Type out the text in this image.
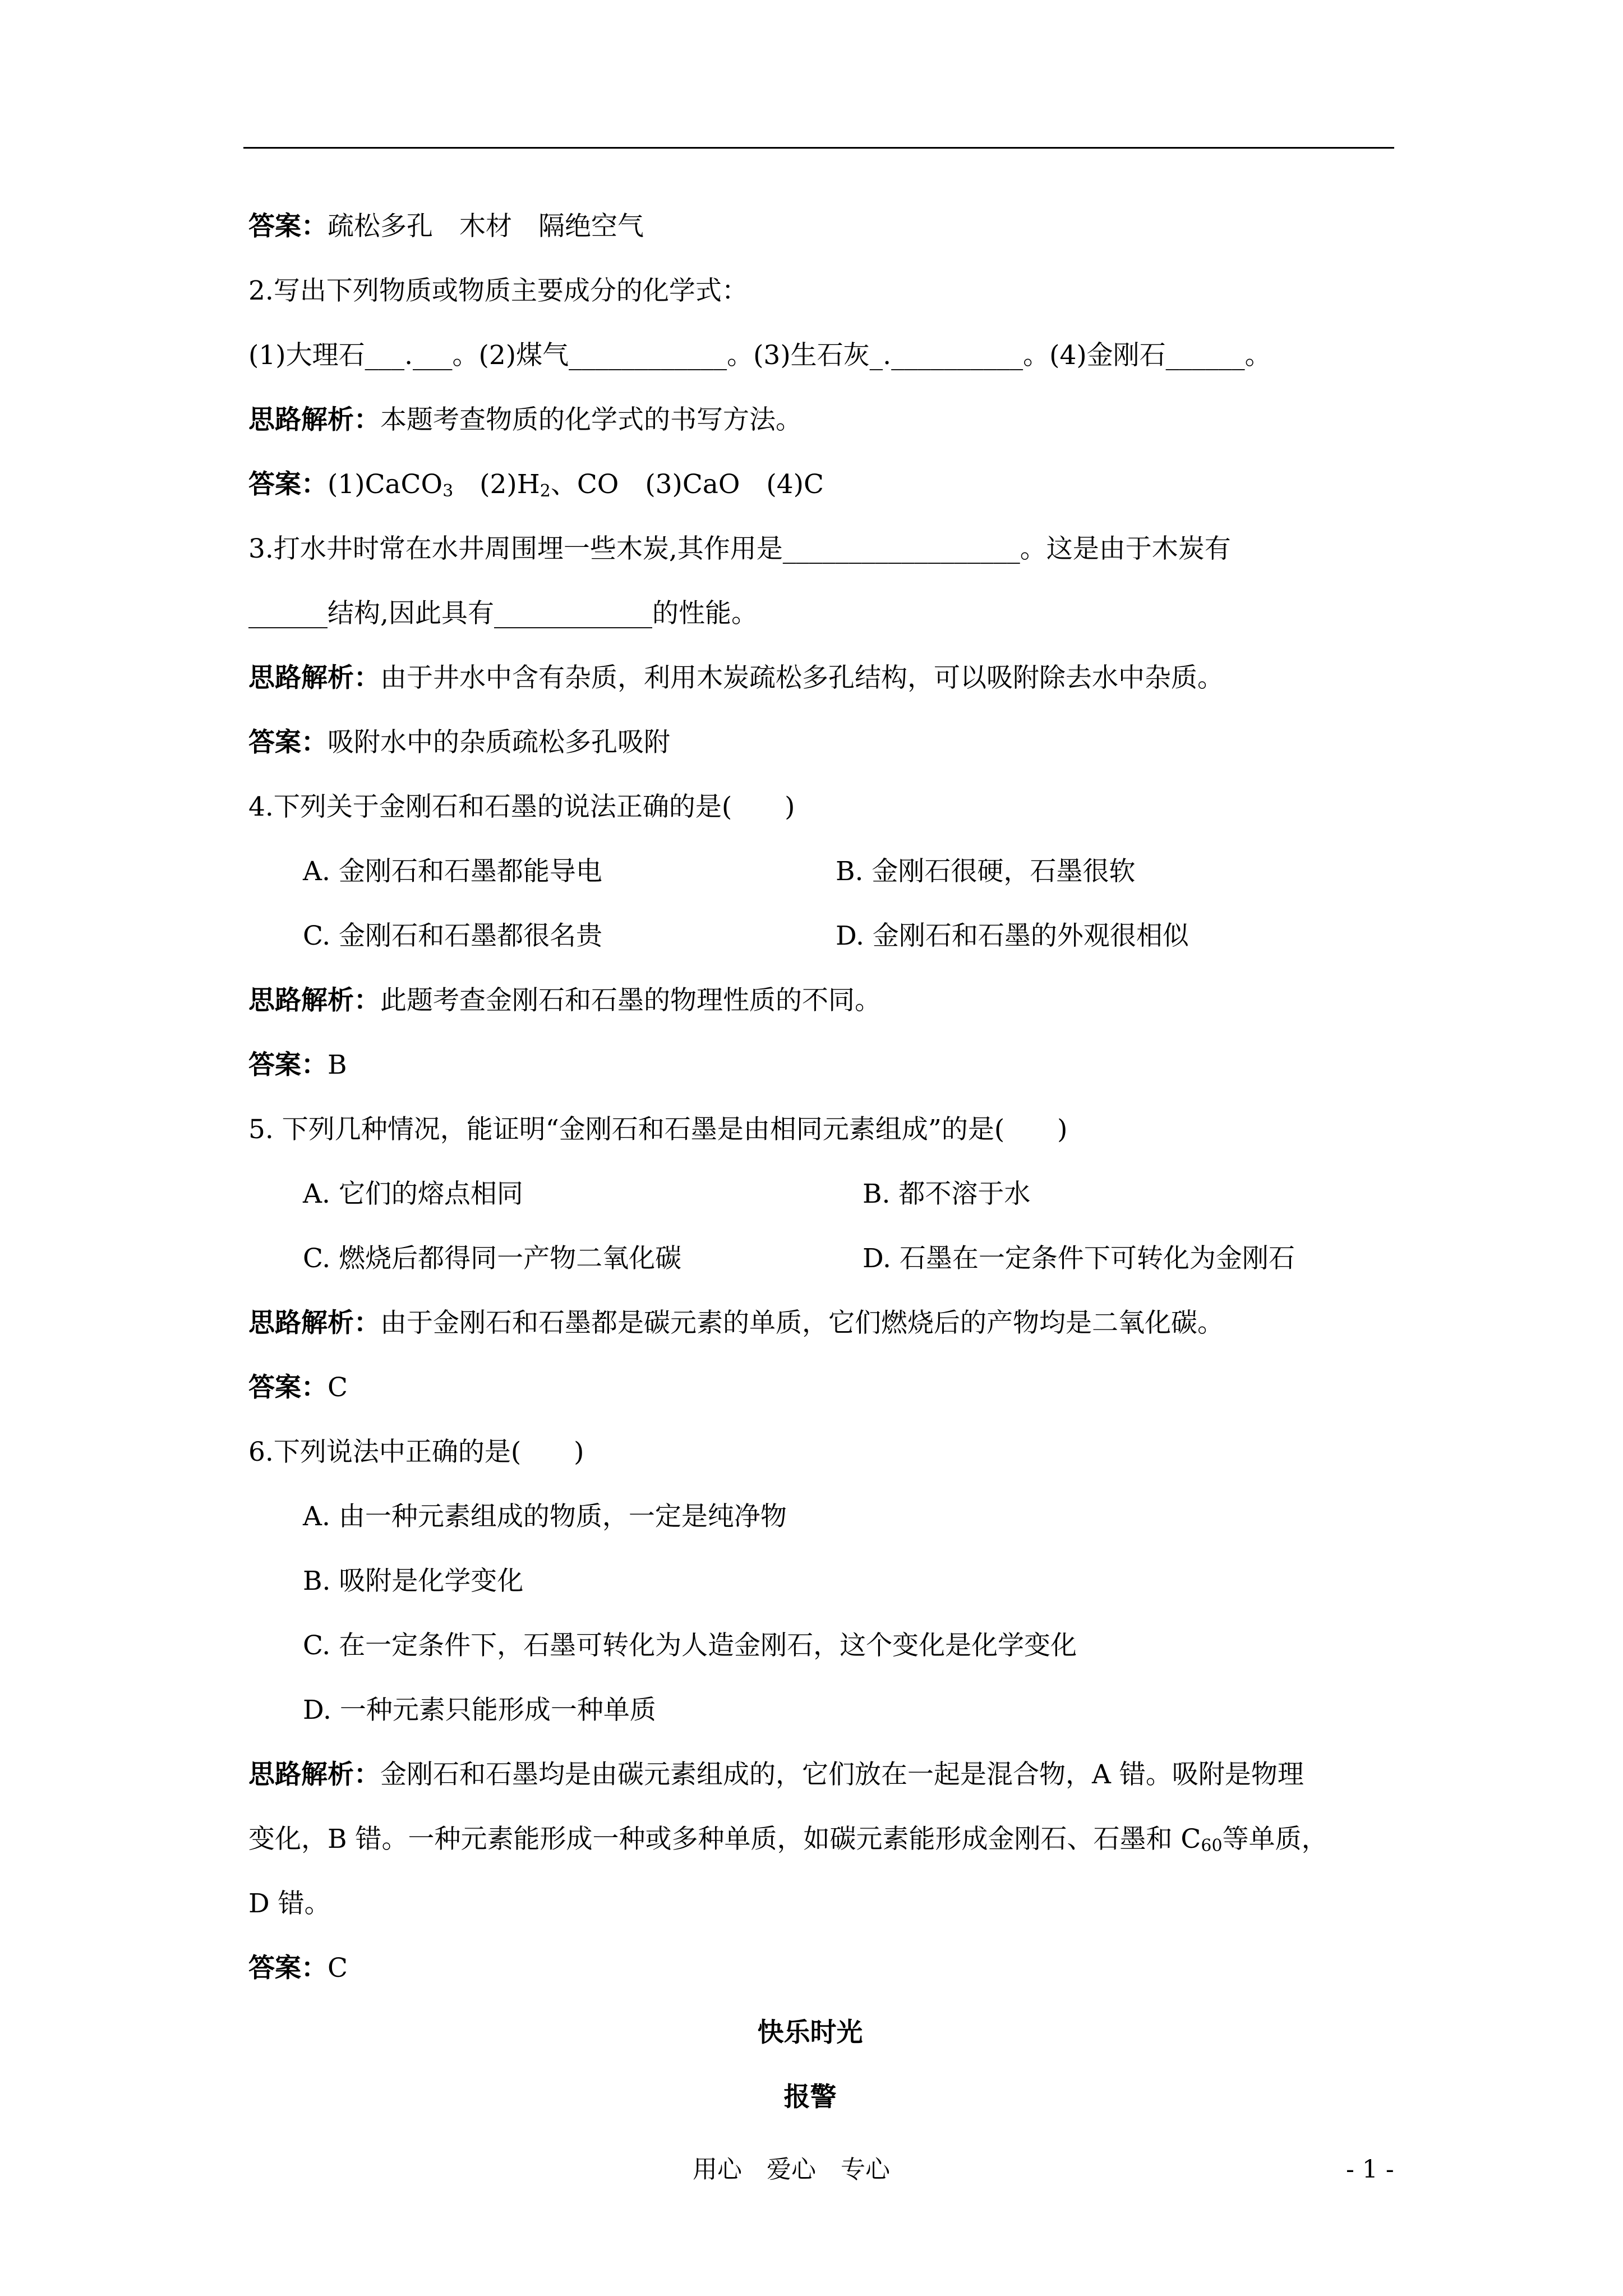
答案：疏松多孔　木材　隔绝空气
2.写出下列物质或物质主要成分的化学式：
(1)大理石___.___。(2)煤气____________。(3)生石灰_.__________。(4)金刚石______。
思路解析：本题考查物质的化学式的书写方法。
答案：(1)CaCO$_3$　$(2)H_2$、CO　(3)CaO　(4)C
3.打水井时常在水井周围埋一些木炭,其作用是__________________。这是由于木炭有
______结构,因此具有____________的性能。
思路解析：由于井水中含有杂质，利用木炭疏松多孔结构，可以吸附除去水中杂质。
答案：吸附水中的杂质疏松多孔吸附
4.下列关于金刚石和石墨的说法正确的是(　　)
A. 金刚石和石墨都能导电	B. 金刚石很硬，石墨很软
C. 金刚石和石墨都很名贵	D. 金刚石和石墨的外观很相似
思路解析：此题考查金刚石和石墨的物理性质的不同。
答案：B
5. 下列几种情况，能证明“金刚石和石墨是由相同元素组成”的是(　　)
A. 它们的熔点相同	B. 都不溶于水
C. 燃烧后都得同一产物二氧化碳	D. 石墨在一定条件下可转化为金刚石
思路解析：由于金刚石和石墨都是碳元素的单质，它们燃烧后的产物均是二氧化碳。
答案：C
6.下列说法中正确的是(　　)
A. 由一种元素组成的物质，一定是纯净物
B. 吸附是化学变化
C. 在一定条件下，石墨可转化为人造金刚石，这个变化是化学变化
D. 一种元素只能形成一种单质
思路解析：金刚石和石墨均是由碳元素组成的，它们放在一起是混合物，A 错。吸附是物理
变化，B 错。一种元素能形成一种或多种单质，如碳元素能形成金刚石、石墨和 $C_{60}$等单质，
D 错。
答案：C
快乐时光
报警
用心　爱心　专心	- 1 -
